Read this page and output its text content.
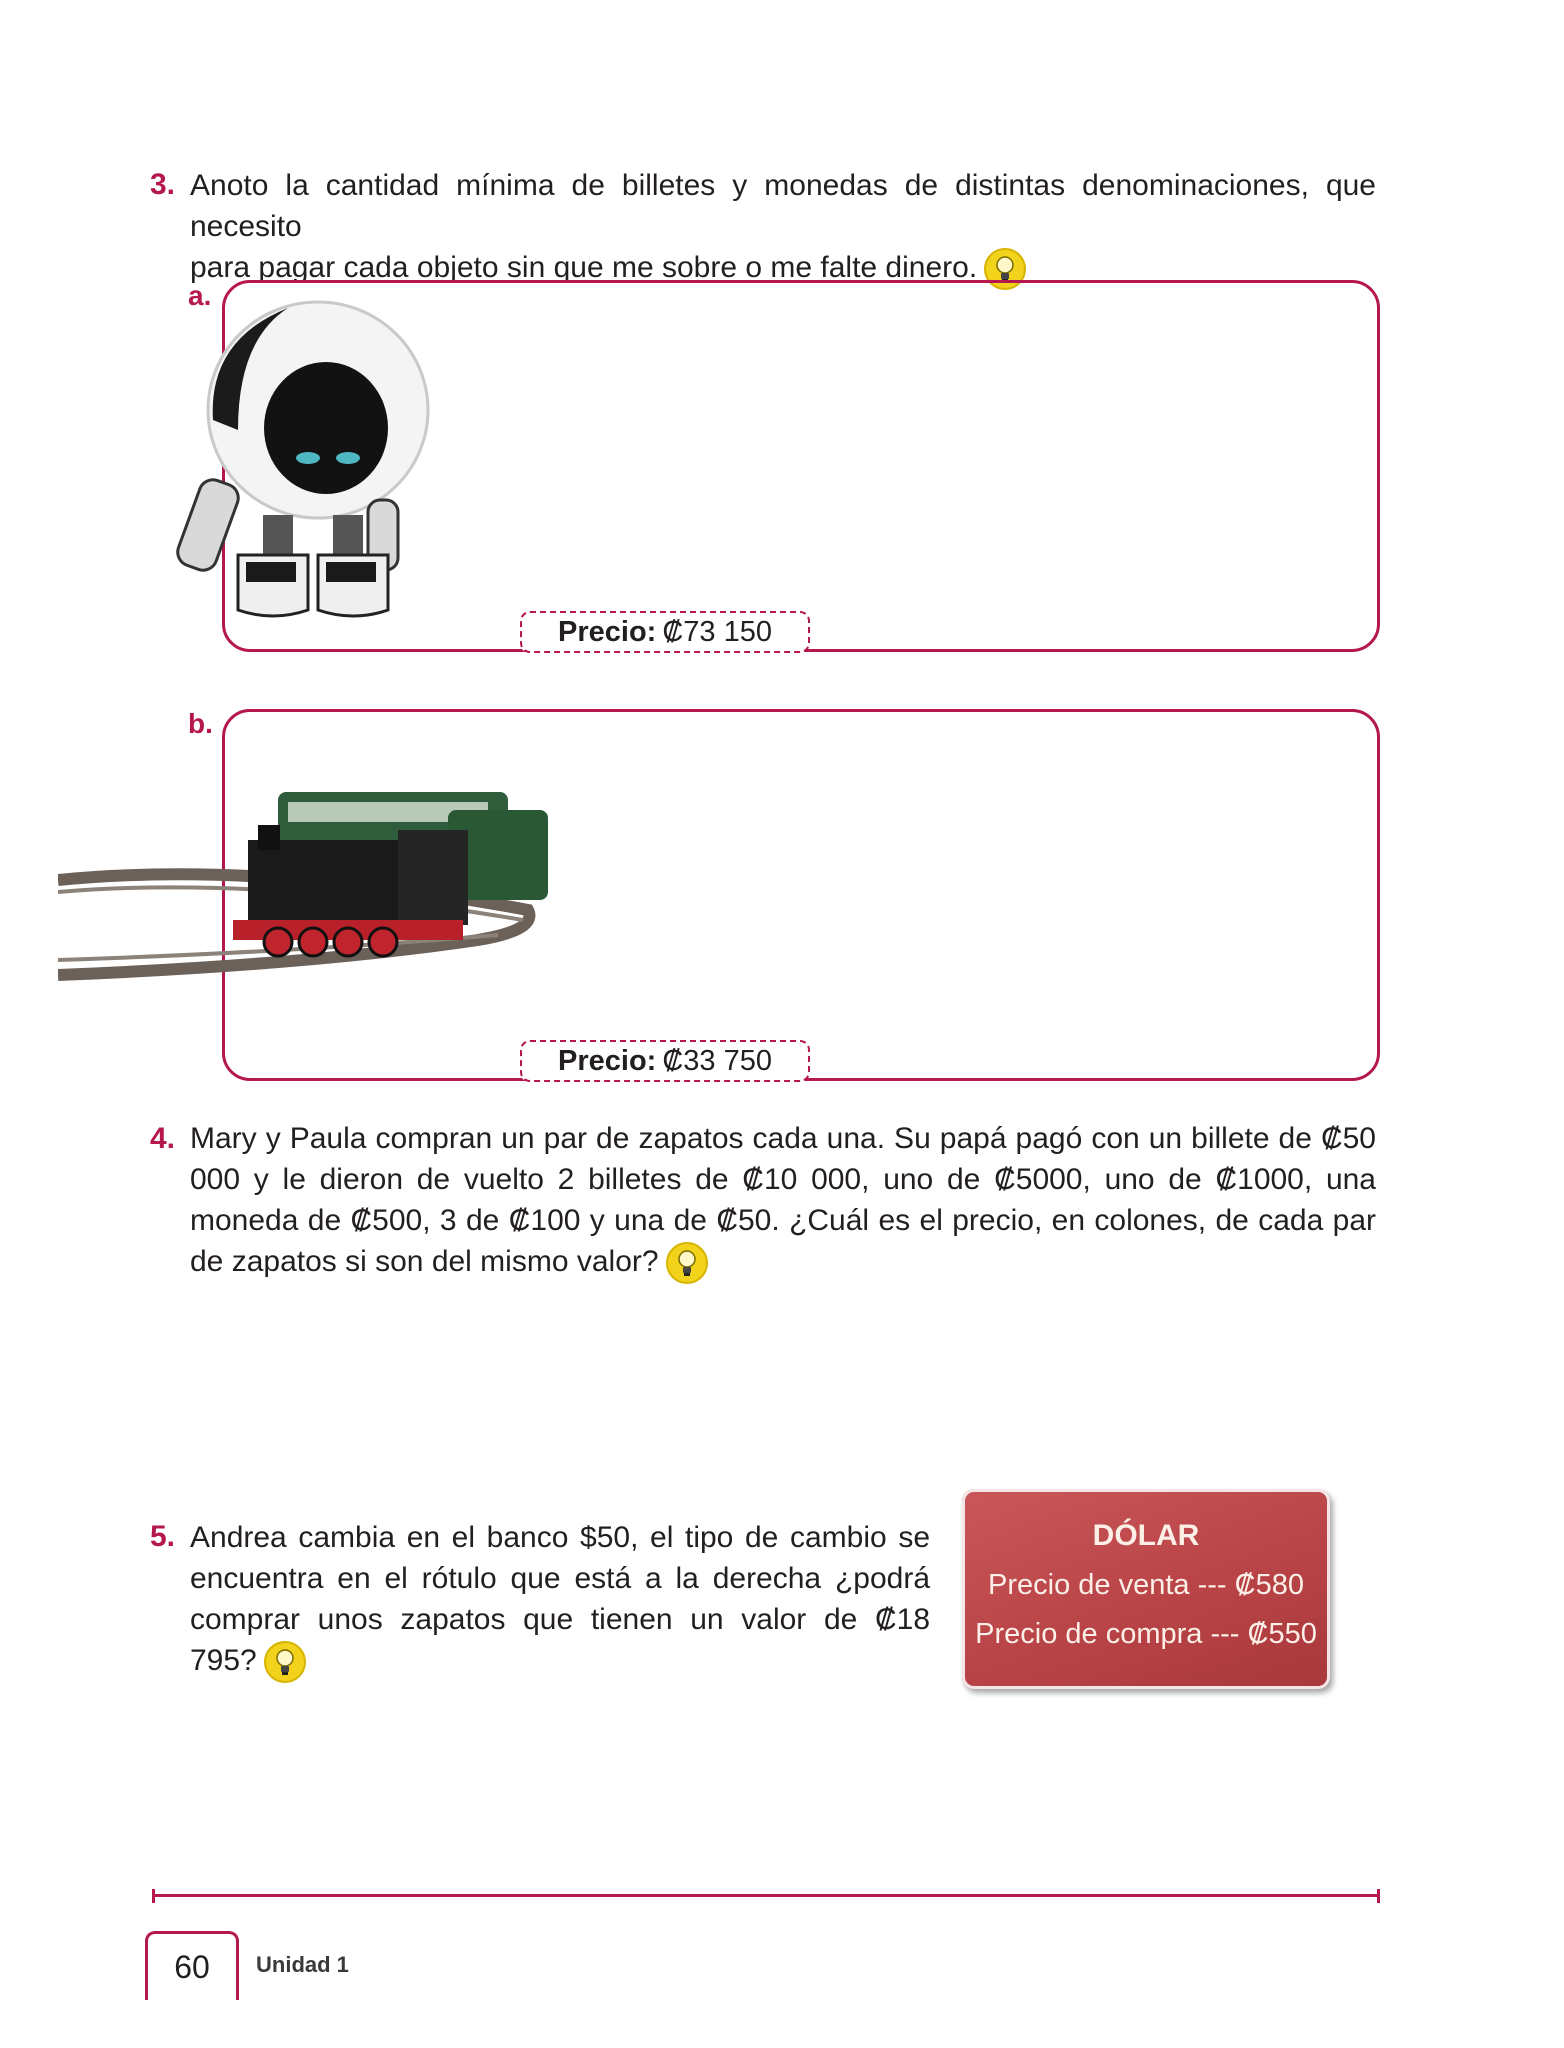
3. Anoto la cantidad mínima de billetes y monedas de distintas denominaciones, que necesito
para pagar cada objeto sin que me sobre o me falte dinero.
a.
Precio: ₡73 150
b.
Precio: ₡33 750
4. Mary y Paula compran un par de zapatos cada una. Su papá pagó con un billete de ₡50 000 y le dieron de vuelto 2 billetes de ₡10 000, uno de ₡5000, uno de ₡1000, una moneda de ₡500, 3 de ₡100 y una de ₡50. ¿Cuál es el precio, en colones, de cada par de zapatos si son del mismo valor?
5. Andrea cambia en el banco $50, el tipo de cambio se encuentra en el rótulo que está a la derecha ¿podrá comprar unos zapatos que tienen un valor de ₡18 795?
DÓLAR
Precio de venta --- ₡580
Precio de compra --- ₡550
60	Unidad 1
